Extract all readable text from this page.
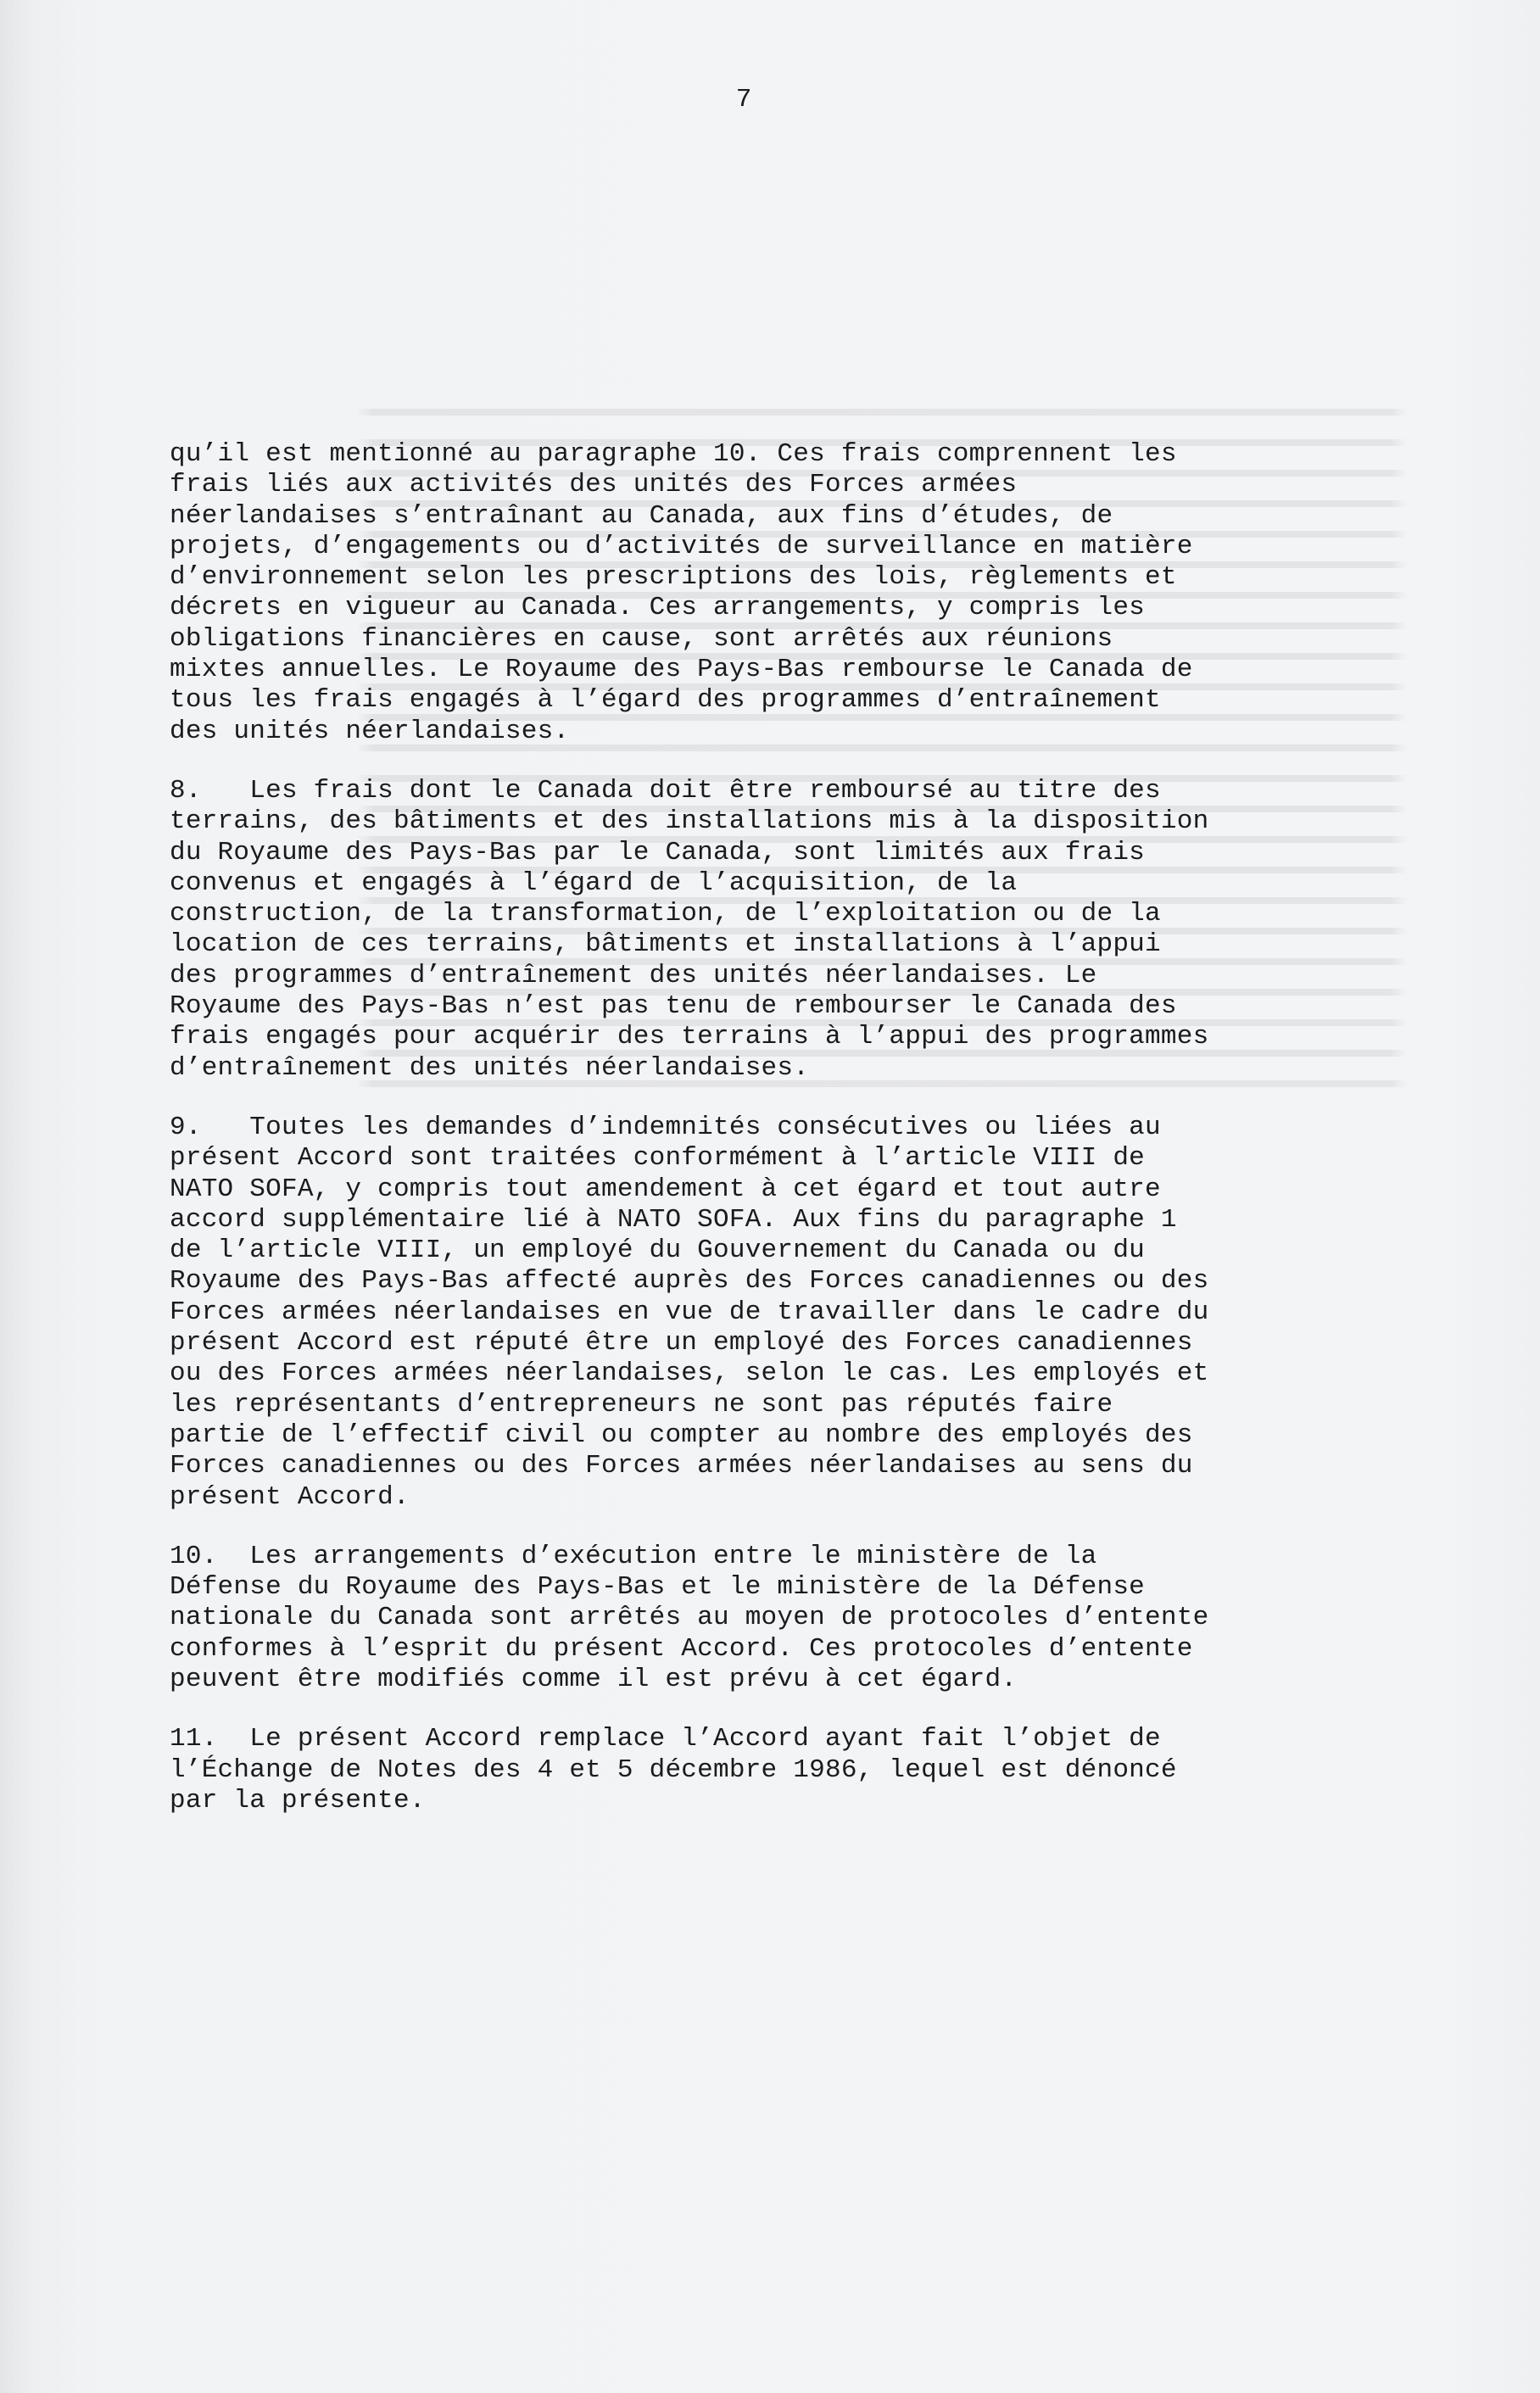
7
qu’il est mentionné au paragraphe 10. Ces frais comprennent les
frais liés aux activités des unités des Forces armées
néerlandaises s’entraînant au Canada, aux fins d’études, de
projets, d’engagements ou d’activités de surveillance en matière
d’environnement selon les prescriptions des lois, règlements et
décrets en vigueur au Canada. Ces arrangements, y compris les
obligations financières en cause, sont arrêtés aux réunions
mixtes annuelles. Le Royaume des Pays-Bas rembourse le Canada de
tous les frais engagés à l’égard des programmes d’entraînement
des unités néerlandaises.
8.   Les frais dont le Canada doit être remboursé au titre des
terrains, des bâtiments et des installations mis à la disposition
du Royaume des Pays-Bas par le Canada, sont limités aux frais
convenus et engagés à l’égard de l’acquisition, de la
construction, de la transformation, de l’exploitation ou de la
location de ces terrains, bâtiments et installations à l’appui
des programmes d’entraînement des unités néerlandaises. Le
Royaume des Pays-Bas n’est pas tenu de rembourser le Canada des
frais engagés pour acquérir des terrains à l’appui des programmes
d’entraînement des unités néerlandaises.
9.   Toutes les demandes d’indemnités consécutives ou liées au
présent Accord sont traitées conformément à l’article VIII de
NATO SOFA, y compris tout amendement à cet égard et tout autre
accord supplémentaire lié à NATO SOFA. Aux fins du paragraphe 1
de l’article VIII, un employé du Gouvernement du Canada ou du
Royaume des Pays-Bas affecté auprès des Forces canadiennes ou des
Forces armées néerlandaises en vue de travailler dans le cadre du
présent Accord est réputé être un employé des Forces canadiennes
ou des Forces armées néerlandaises, selon le cas. Les employés et
les représentants d’entrepreneurs ne sont pas réputés faire
partie de l’effectif civil ou compter au nombre des employés des
Forces canadiennes ou des Forces armées néerlandaises au sens du
présent Accord.
10.  Les arrangements d’exécution entre le ministère de la
Défense du Royaume des Pays-Bas et le ministère de la Défense
nationale du Canada sont arrêtés au moyen de protocoles d’entente
conformes à l’esprit du présent Accord. Ces protocoles d’entente
peuvent être modifiés comme il est prévu à cet égard.
11.  Le présent Accord remplace l’Accord ayant fait l’objet de
l’Échange de Notes des 4 et 5 décembre 1986, lequel est dénoncé
par la présente.
